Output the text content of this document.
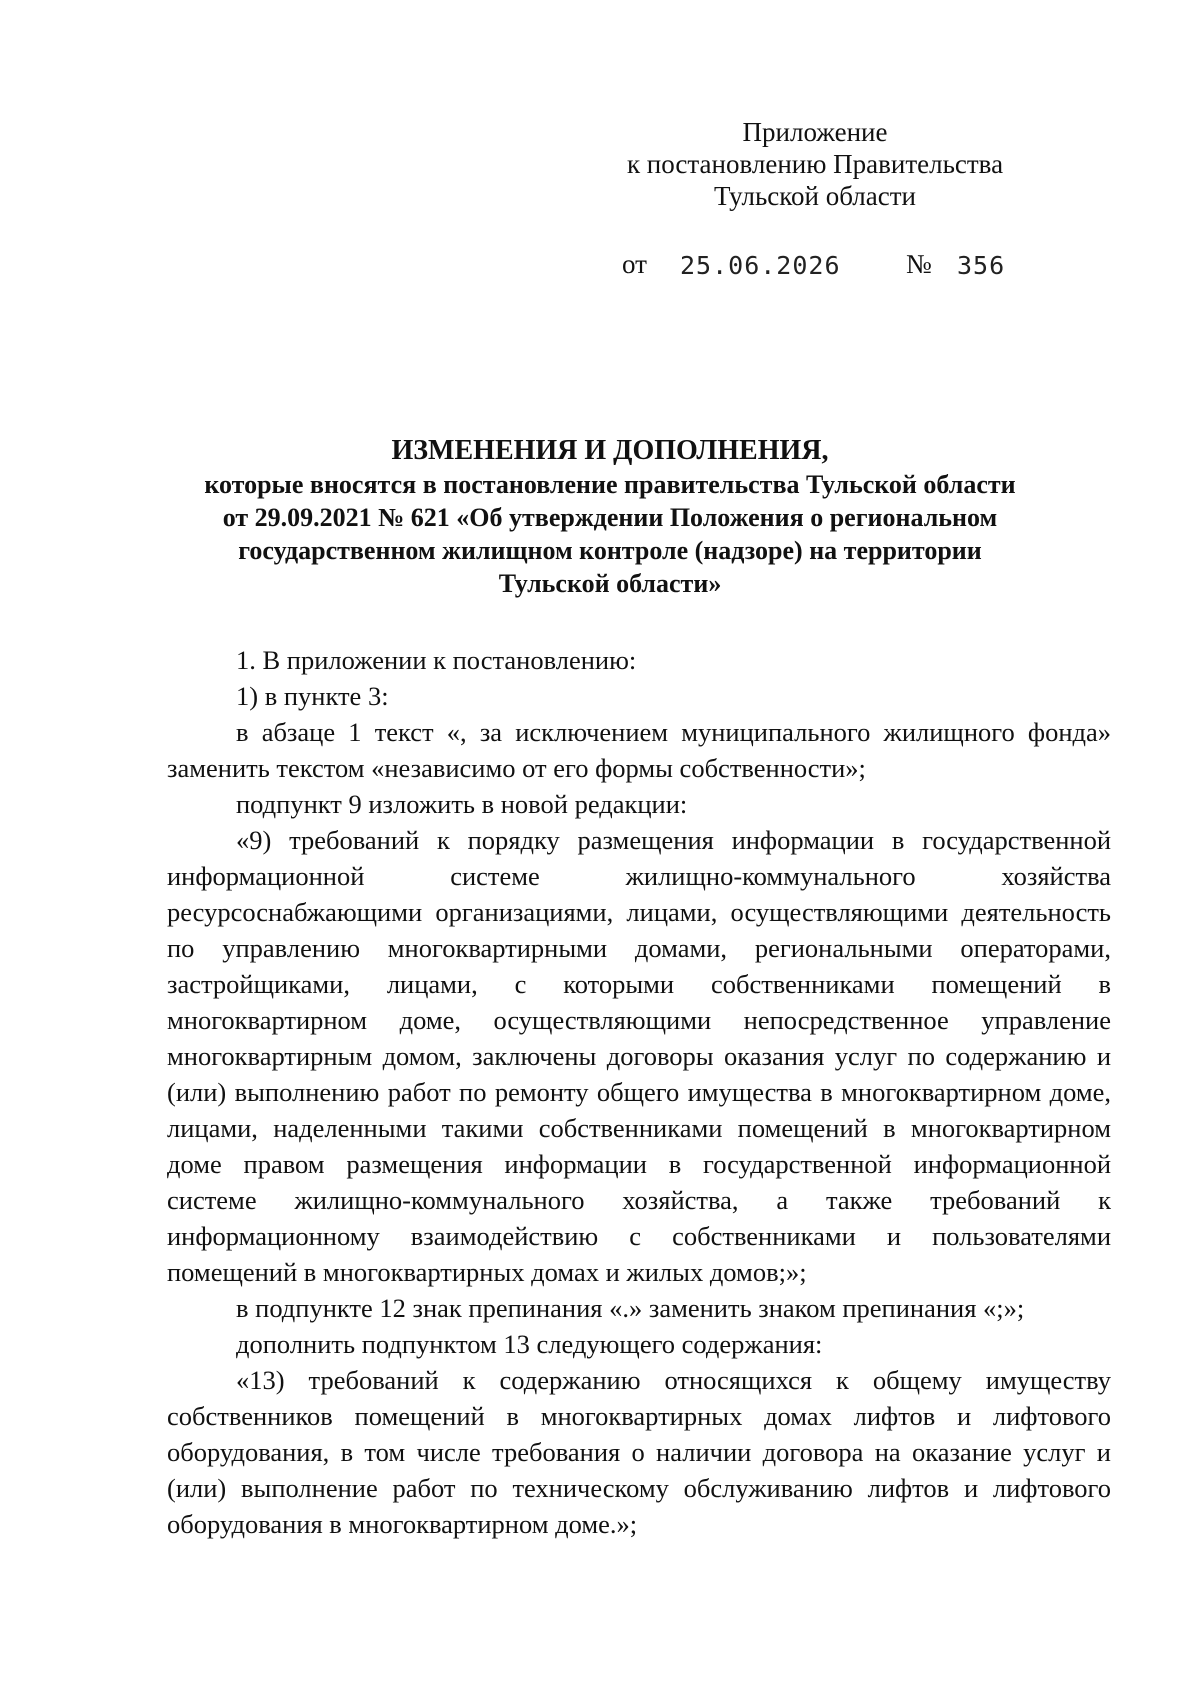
Приложение
к постановлению Правительства
Тульской области
от 25.06.2026 № 356
ИЗМЕНЕНИЯ И ДОПОЛНЕНИЯ,
которые вносятся в постановление правительства Тульской области
от 29.09.2021 № 621 «Об утверждении Положения о региональном
государственном жилищном контроле (надзоре) на территории
Тульской области»

1. В приложении к постановлению:

1) в пункте 3:

в абзаце 1 текст «, за исключением муниципального жилищного фонда» заменить текстом «независимо от его формы собственности»;

подпункт 9 изложить в новой редакции:

«9) требований к порядку размещения информации в государственной информационной системе жилищно-коммунального хозяйства ресурсоснабжающими организациями, лицами, осуществляющими деятельность по управлению многоквартирными домами, региональными операторами, застройщиками, лицами, с которыми собственниками помещений в многоквартирном доме, осуществляющими непосредственное управление многоквартирным домом, заключены договоры оказания услуг по содержанию и (или) выполнению работ по ремонту общего имущества в многоквартирном доме, лицами, наделенными такими собственниками помещений в многоквартирном доме правом размещения информации в государственной информационной системе жилищно-коммунального хозяйства, а также требований к информационному взаимодействию с собственниками и пользователями помещений в многоквартирных домах и жилых домов;»;

в подпункте 12 знак препинания «.» заменить знаком препинания «;»;

дополнить подпунктом 13 следующего содержания:

«13) требований к содержанию относящихся к общему имуществу собственников помещений в многоквартирных домах лифтов и лифтового оборудования, в том числе требования о наличии договора на оказание услуг и (или) выполнение работ по техническому обслуживанию лифтов и лифтового оборудования в многоквартирном доме.»;
